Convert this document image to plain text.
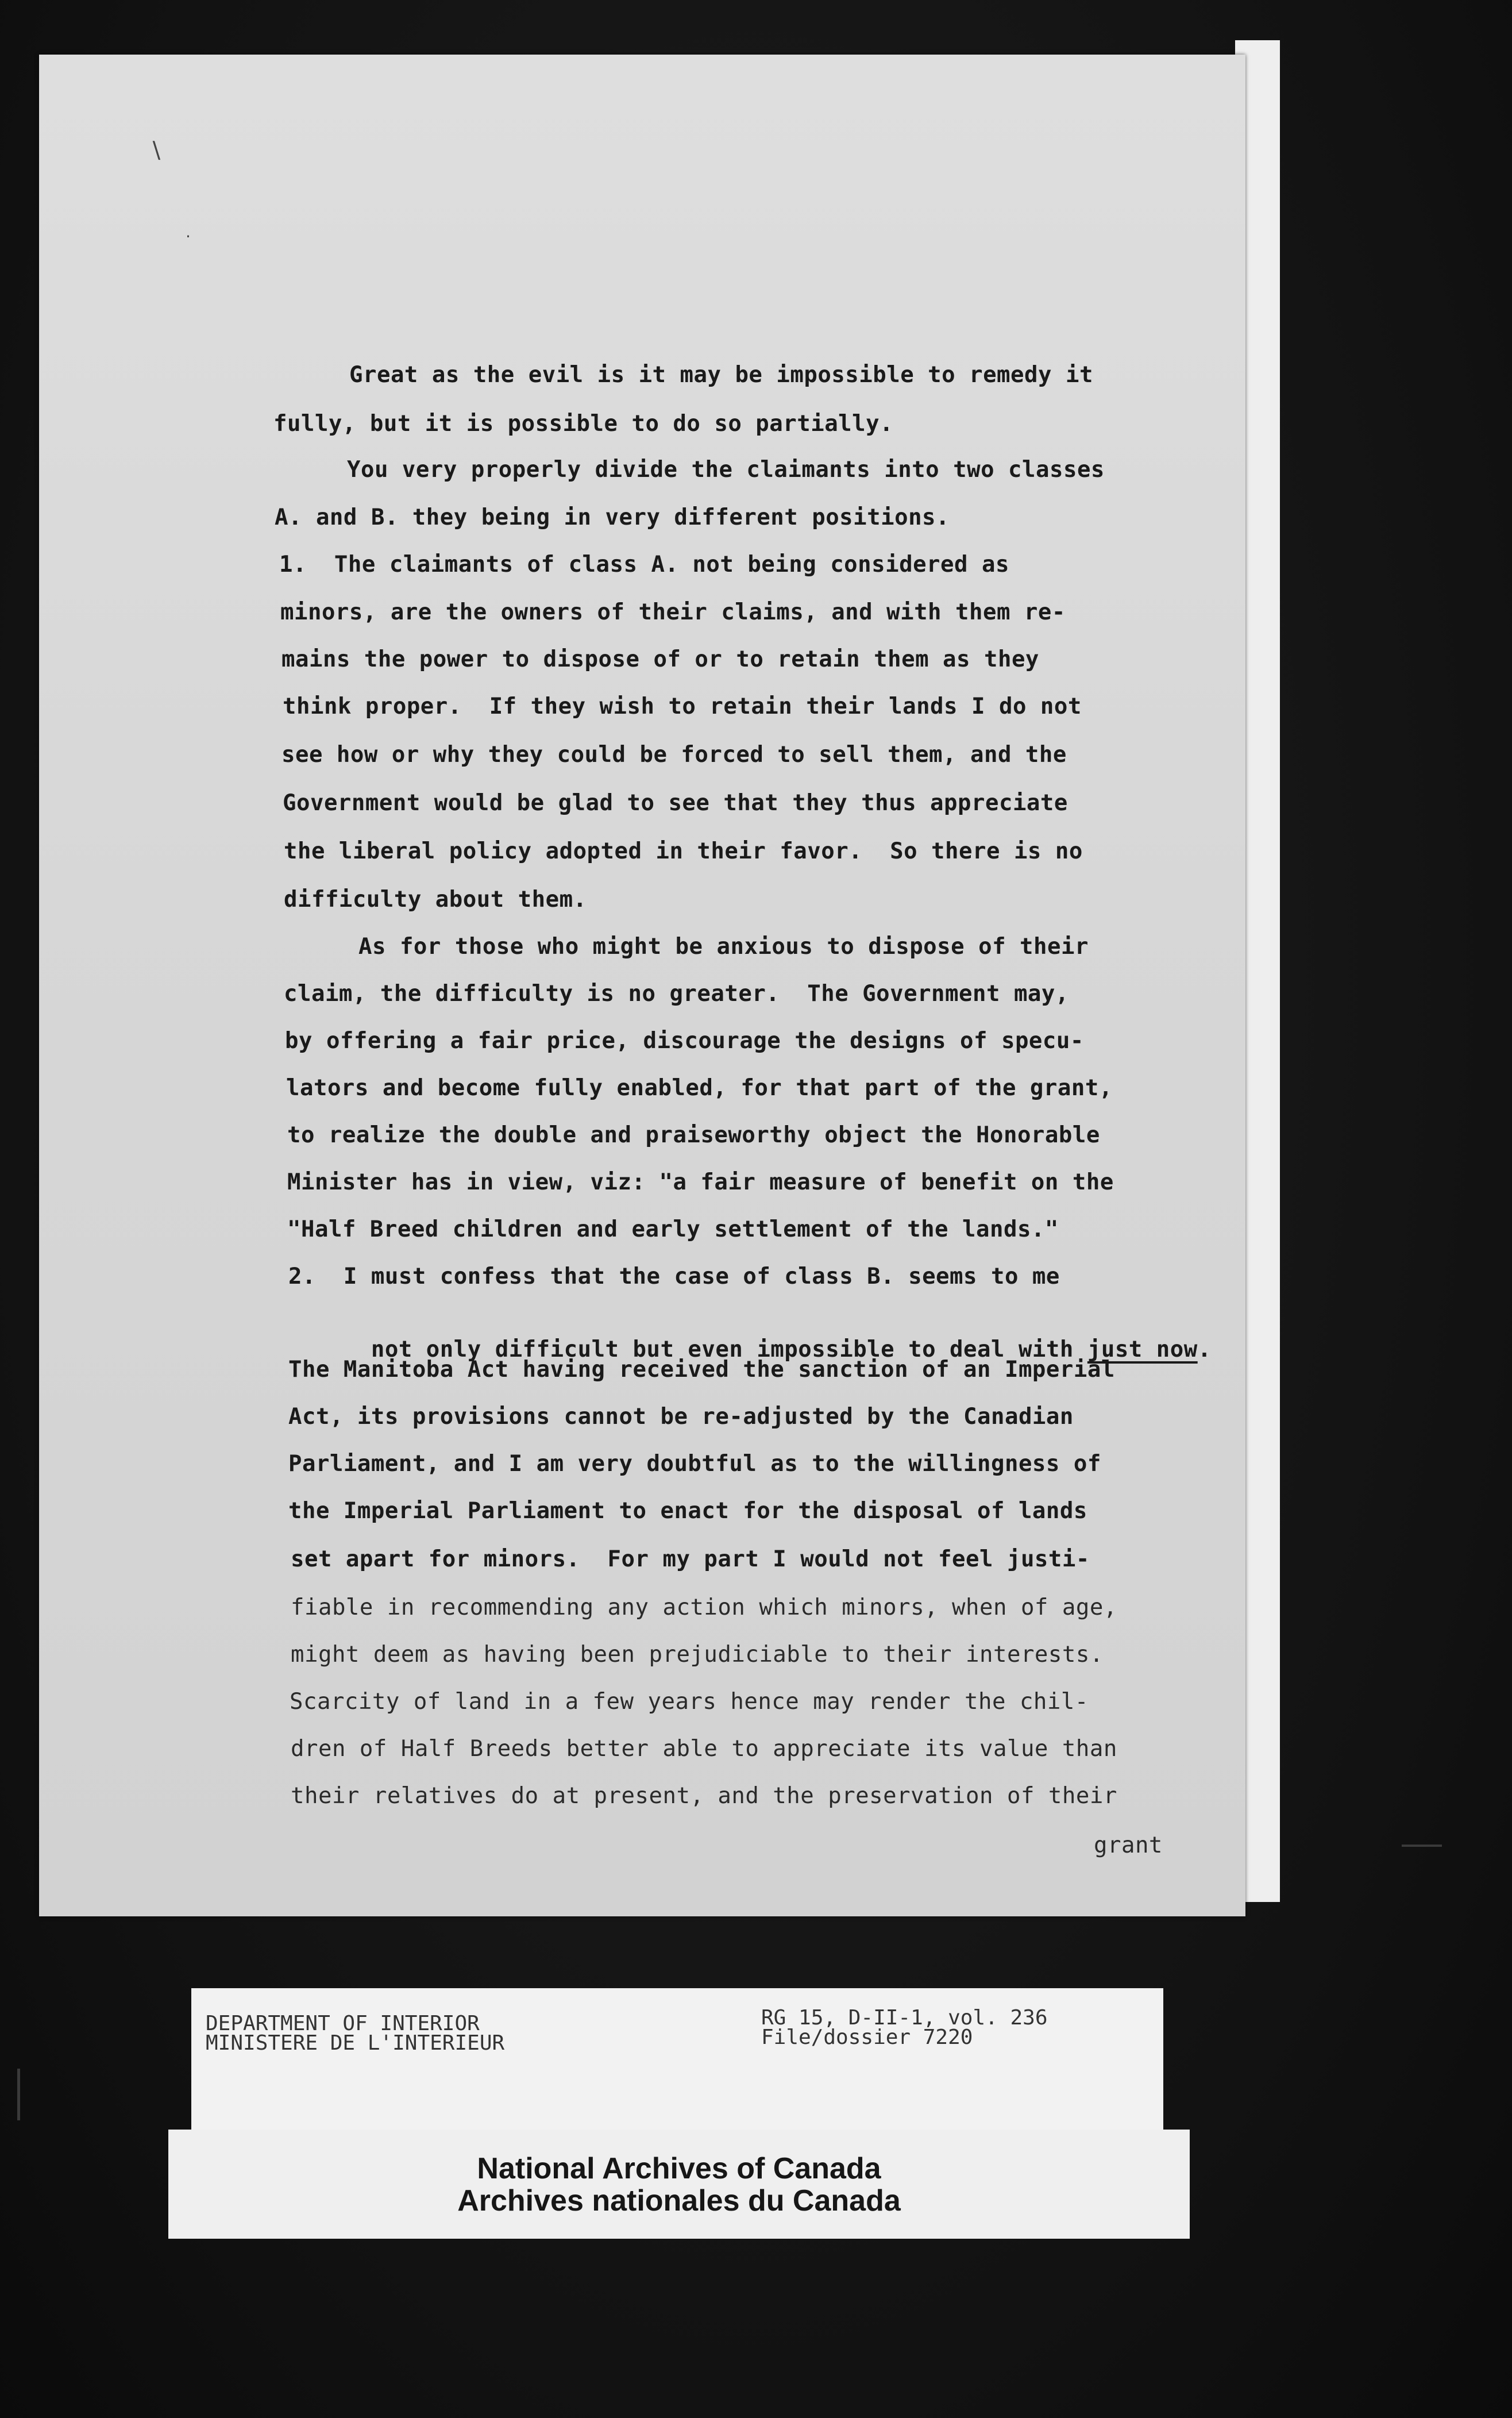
∖
·
Great as the evil is it may be impossible to remedy it
fully, but it is possible to do so partially.
You very properly divide the claimants into two classes
A. and B. they being in very different positions.
1.  The claimants of class A. not being considered as
minors, are the owners of their claims, and with them re-
mains the power to dispose of or to retain them as they
think proper.  If they wish to retain their lands I do not
see how or why they could be forced to sell them, and the
Government would be glad to see that they thus appreciate
the liberal policy adopted in their favor.  So there is no
difficulty about them.
As for those who might be anxious to dispose of their
claim, the difficulty is no greater.  The Government may,
by offering a fair price, discourage the designs of specu-
lators and become fully enabled, for that part of the grant,
to realize the double and praiseworthy object the Honorable
Minister has in view, viz: "a fair measure of benefit on the
"Half Breed children and early settlement of the lands."
2.  I must confess that the case of class B. seems to me

not only difficult but even impossible to deal with just now.

The Manitoba Act having received the sanction of an Imperial
Act, its provisions cannot be re-adjusted by the Canadian
Parliament, and I am very doubtful as to the willingness of
the Imperial Parliament to enact for the disposal of lands
set apart for minors.  For my part I would not feel justi-
fiable in recommending any action which minors, when of age,
might deem as having been prejudiciable to their interests.
Scarcity of land in a few years hence may render the chil-
dren of Half Breeds better able to appreciate its value than
their relatives do at present, and the preservation of their
grant
DEPARTMENT OF INTERIOR
MINISTERE DE L'INTERIEUR
RG 15, D-II-1, vol. 236
File/dossier 7220
National Archives of Canada
Archives nationales du Canada
